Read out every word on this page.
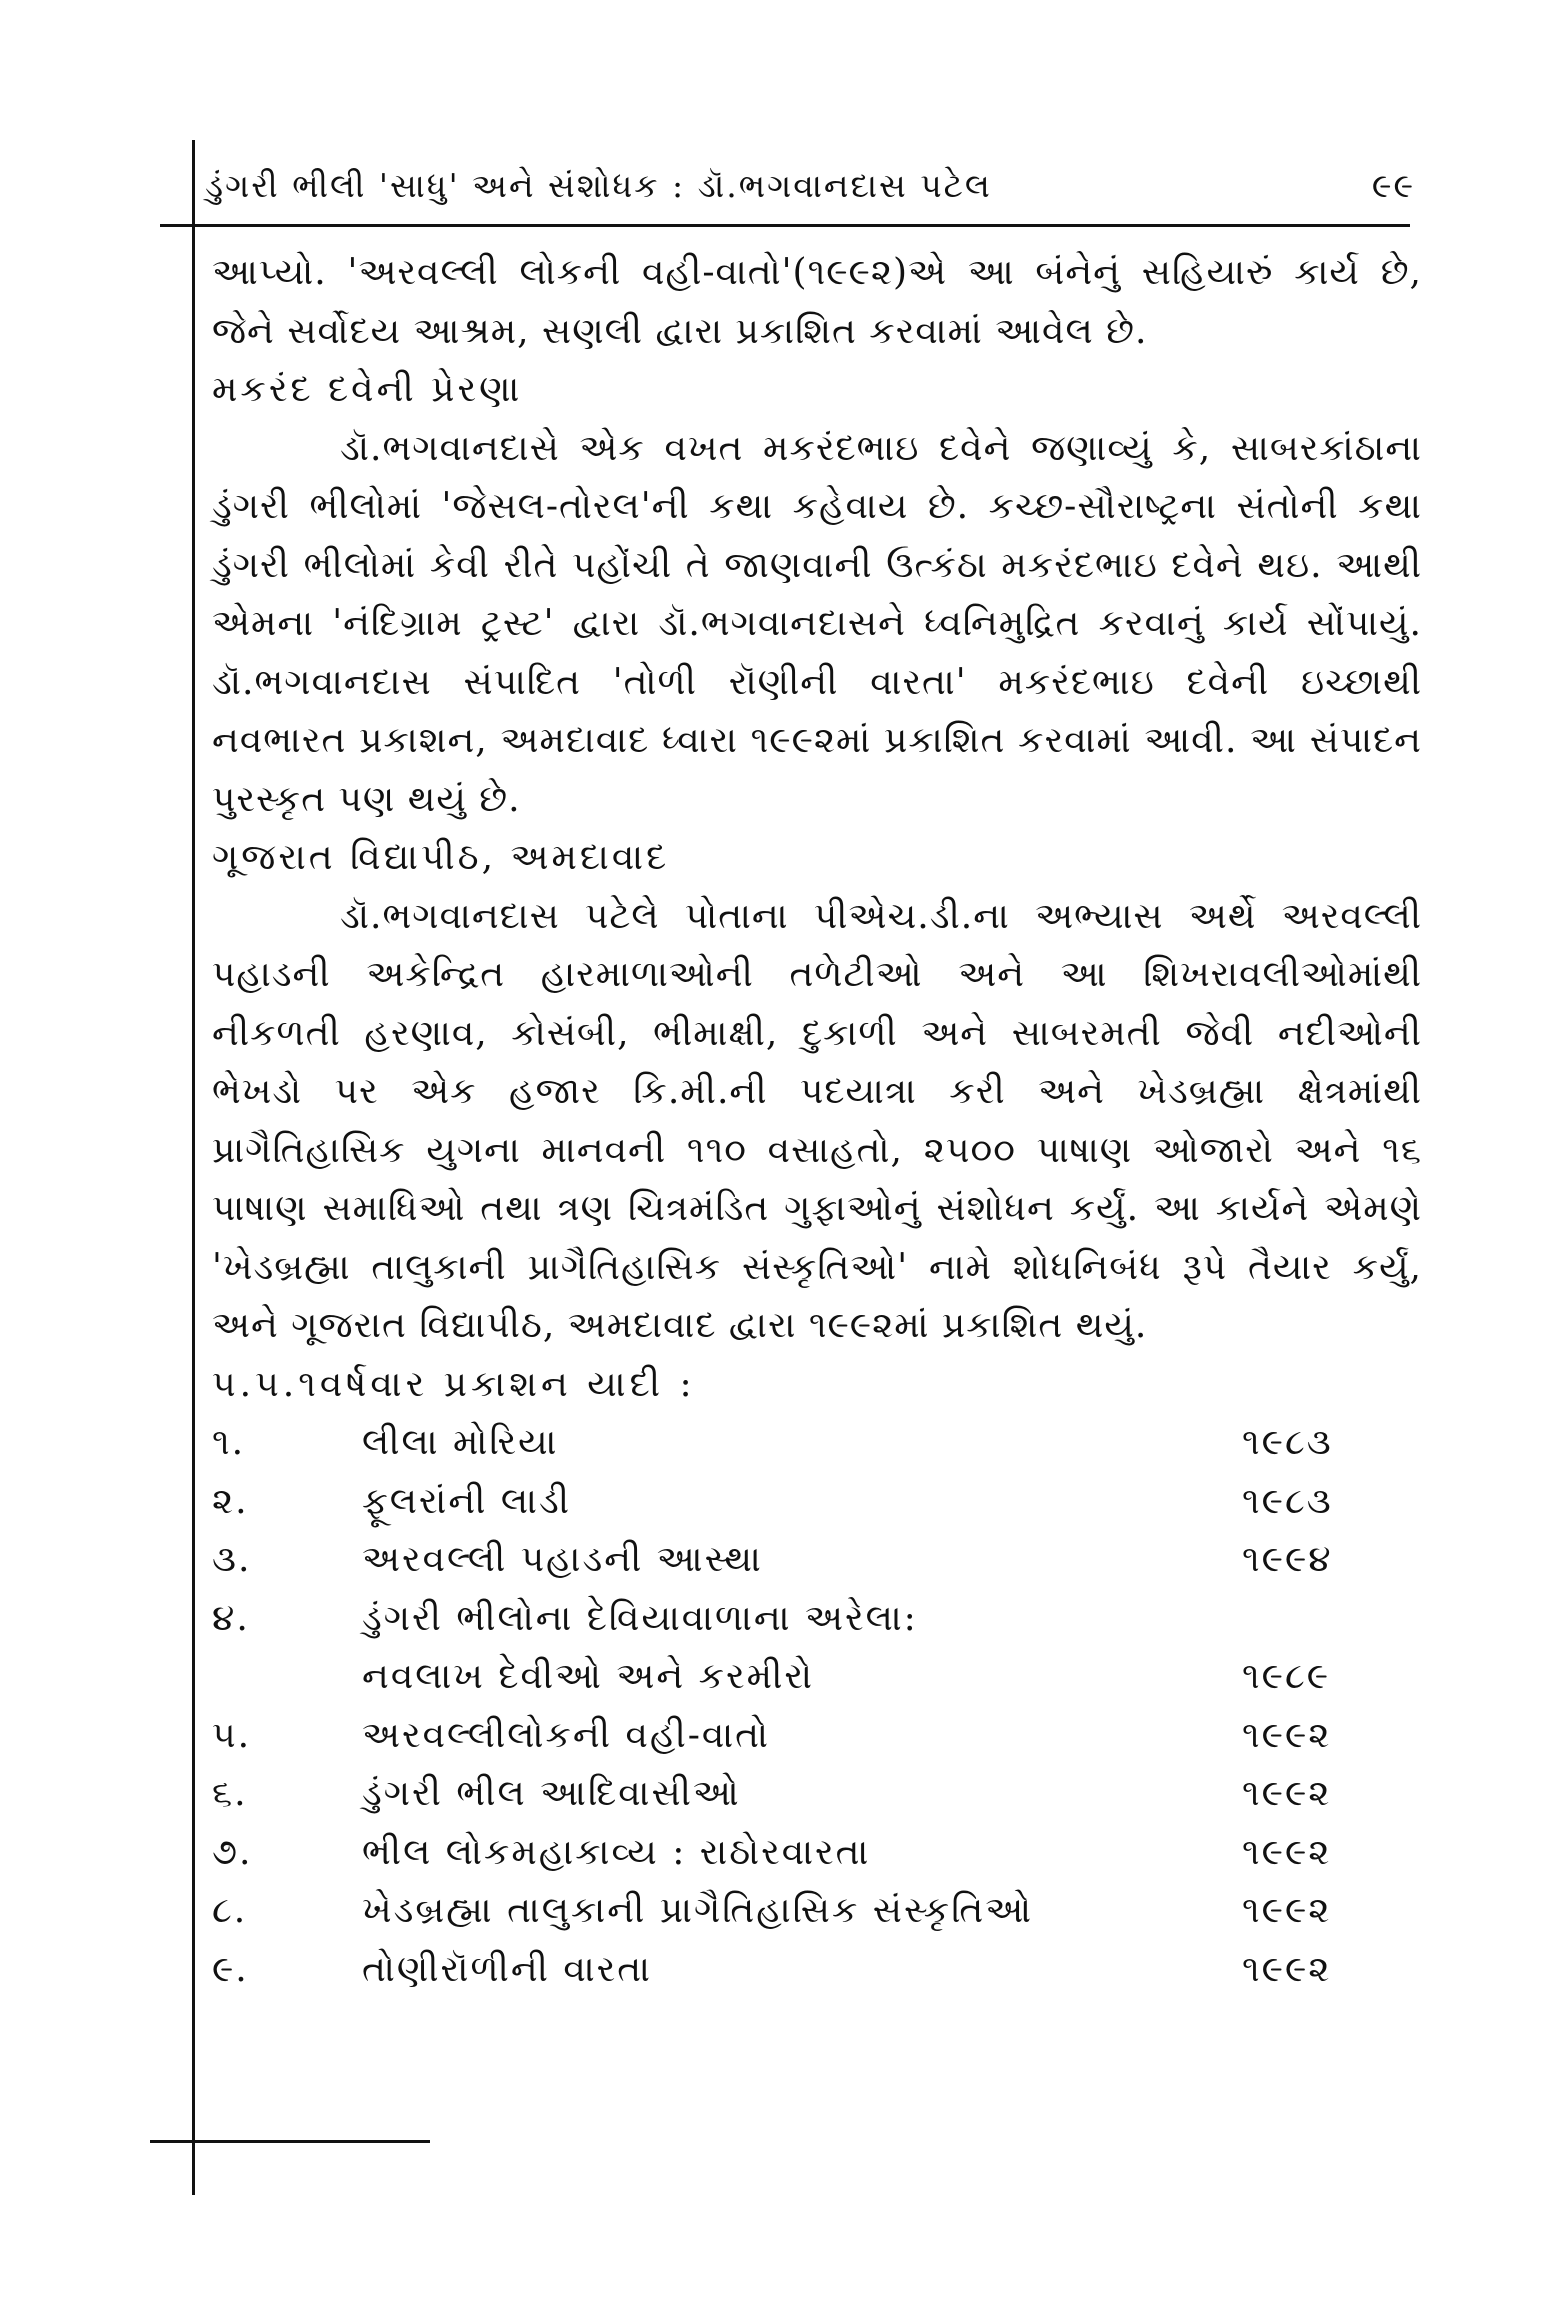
ડુંગરી ભીલી 'સાધુ' અને સંશોધક : ડૉ.ભગવાનદાસ પટેલ	૯૯

આપ્યો. 'અરવલ્લી લોકની વહી-વાતો'(૧૯૯૨)એ આ બંનેનું સહિયારું કાર્ય છે, જેને સર્વોદય આશ્રમ, સણલી દ્વારા પ્રકાશિત કરવામાં આવેલ છે.

મકરંદ દવેની પ્રેરણા

ડૉ.ભગવાનદાસે એક વખત મકરંદભાઇ દવેને જણાવ્યું કે, સાબરકાંઠાના ડુંગરી ભીલોમાં 'જેસલ-તોરલ'ની કથા કહેવાય છે. કચ્છ-સૌરાષ્ટ્રના સંતોની કથા ડુંગરી ભીલોમાં કેવી રીતે પહોંચી તે જાણવાની ઉત્કંઠા મકરંદભાઇ દવેને થઇ. આથી એમના 'નંદિગ્રામ ટ્રસ્ટ' દ્વારા ડૉ.ભગવાનદાસને ધ્વનિમુદ્રિત કરવાનું કાર્ય સોંપાયું. ડૉ.ભગવાનદાસ સંપાદિત 'તોળી રૉણીની વારતા' મકરંદભાઇ દવેની ઇચ્છાથી નવભારત પ્રકાશન, અમદાવાદ ધ્વારા ૧૯૯૨માં પ્રકાશિત કરવામાં આવી. આ સંપાદન પુરસ્કૃત પણ થયું છે.

ગૂજરાત વિદ્યાપીઠ, અમદાવાદ

ડૉ.ભગવાનદાસ પટેલે પોતાના પીએચ.ડી.ના અભ્યાસ અર્થે અરવલ્લી પહાડની અકેન્દ્રિત હારમાળાઓની તળેટીઓ અને આ શિખરાવલીઓમાંથી નીકળતી હરણાવ, કોસંબી, ભીમાક્ષી, દુકાળી અને સાબરમતી જેવી નદીઓની ભેખડો પર એક હજાર કિ.મી.ની પદયાત્રા કરી અને ખેડબ્રહ્મા ક્ષેત્રમાંથી પ્રાગૈતિહાસિક યુગના માનવની ૧૧૦ વસાહતો, ૨૫૦૦ પાષાણ ઓજારો અને ૧૬ પાષાણ સમાધિઓ તથા ત્રણ ચિત્રમંડિત ગુફાઓનું સંશોધન કર્યું. આ કાર્યને એમણે 'ખેડબ્રહ્મા તાલુકાની પ્રાગૈતિહાસિક સંસ્કૃતિઓ' નામે શોધનિબંધ રૂપે તૈયાર કર્યું, અને ગૂજરાત વિદ્યાપીઠ, અમદાવાદ દ્વારા ૧૯૯૨માં પ્રકાશિત થયું.

૫.૫.૧વર્ષવાર પ્રકાશન યાદી :

૧.	લીલા મોરિયા	૧૯૮૩
૨.	ફૂલરાંની લાડી	૧૯૮૩
૩.	અરવલ્લી પહાડની આસ્થા	૧૯૯૪
૪.	ડુંગરી ભીલોના દેવિયાવાળાના અરેલા:
નવલાખ દેવીઓ અને કરમીરો	૧૯૮૯
૫.	અરવલ્લીલોકની વહી-વાતો	૧૯૯૨
૬.	ડુંગરી ભીલ આદિવાસીઓ	૧૯૯૨
૭.	ભીલ લોકમહાકાવ્ય : રાઠોરવારતા	૧૯૯૨
૮.	ખેડબ્રહ્મા તાલુકાની પ્રાગૈતિહાસિક સંસ્કૃતિઓ	૧૯૯૨
૯.	તોણીરૉળીની વારતા	૧૯૯૨
